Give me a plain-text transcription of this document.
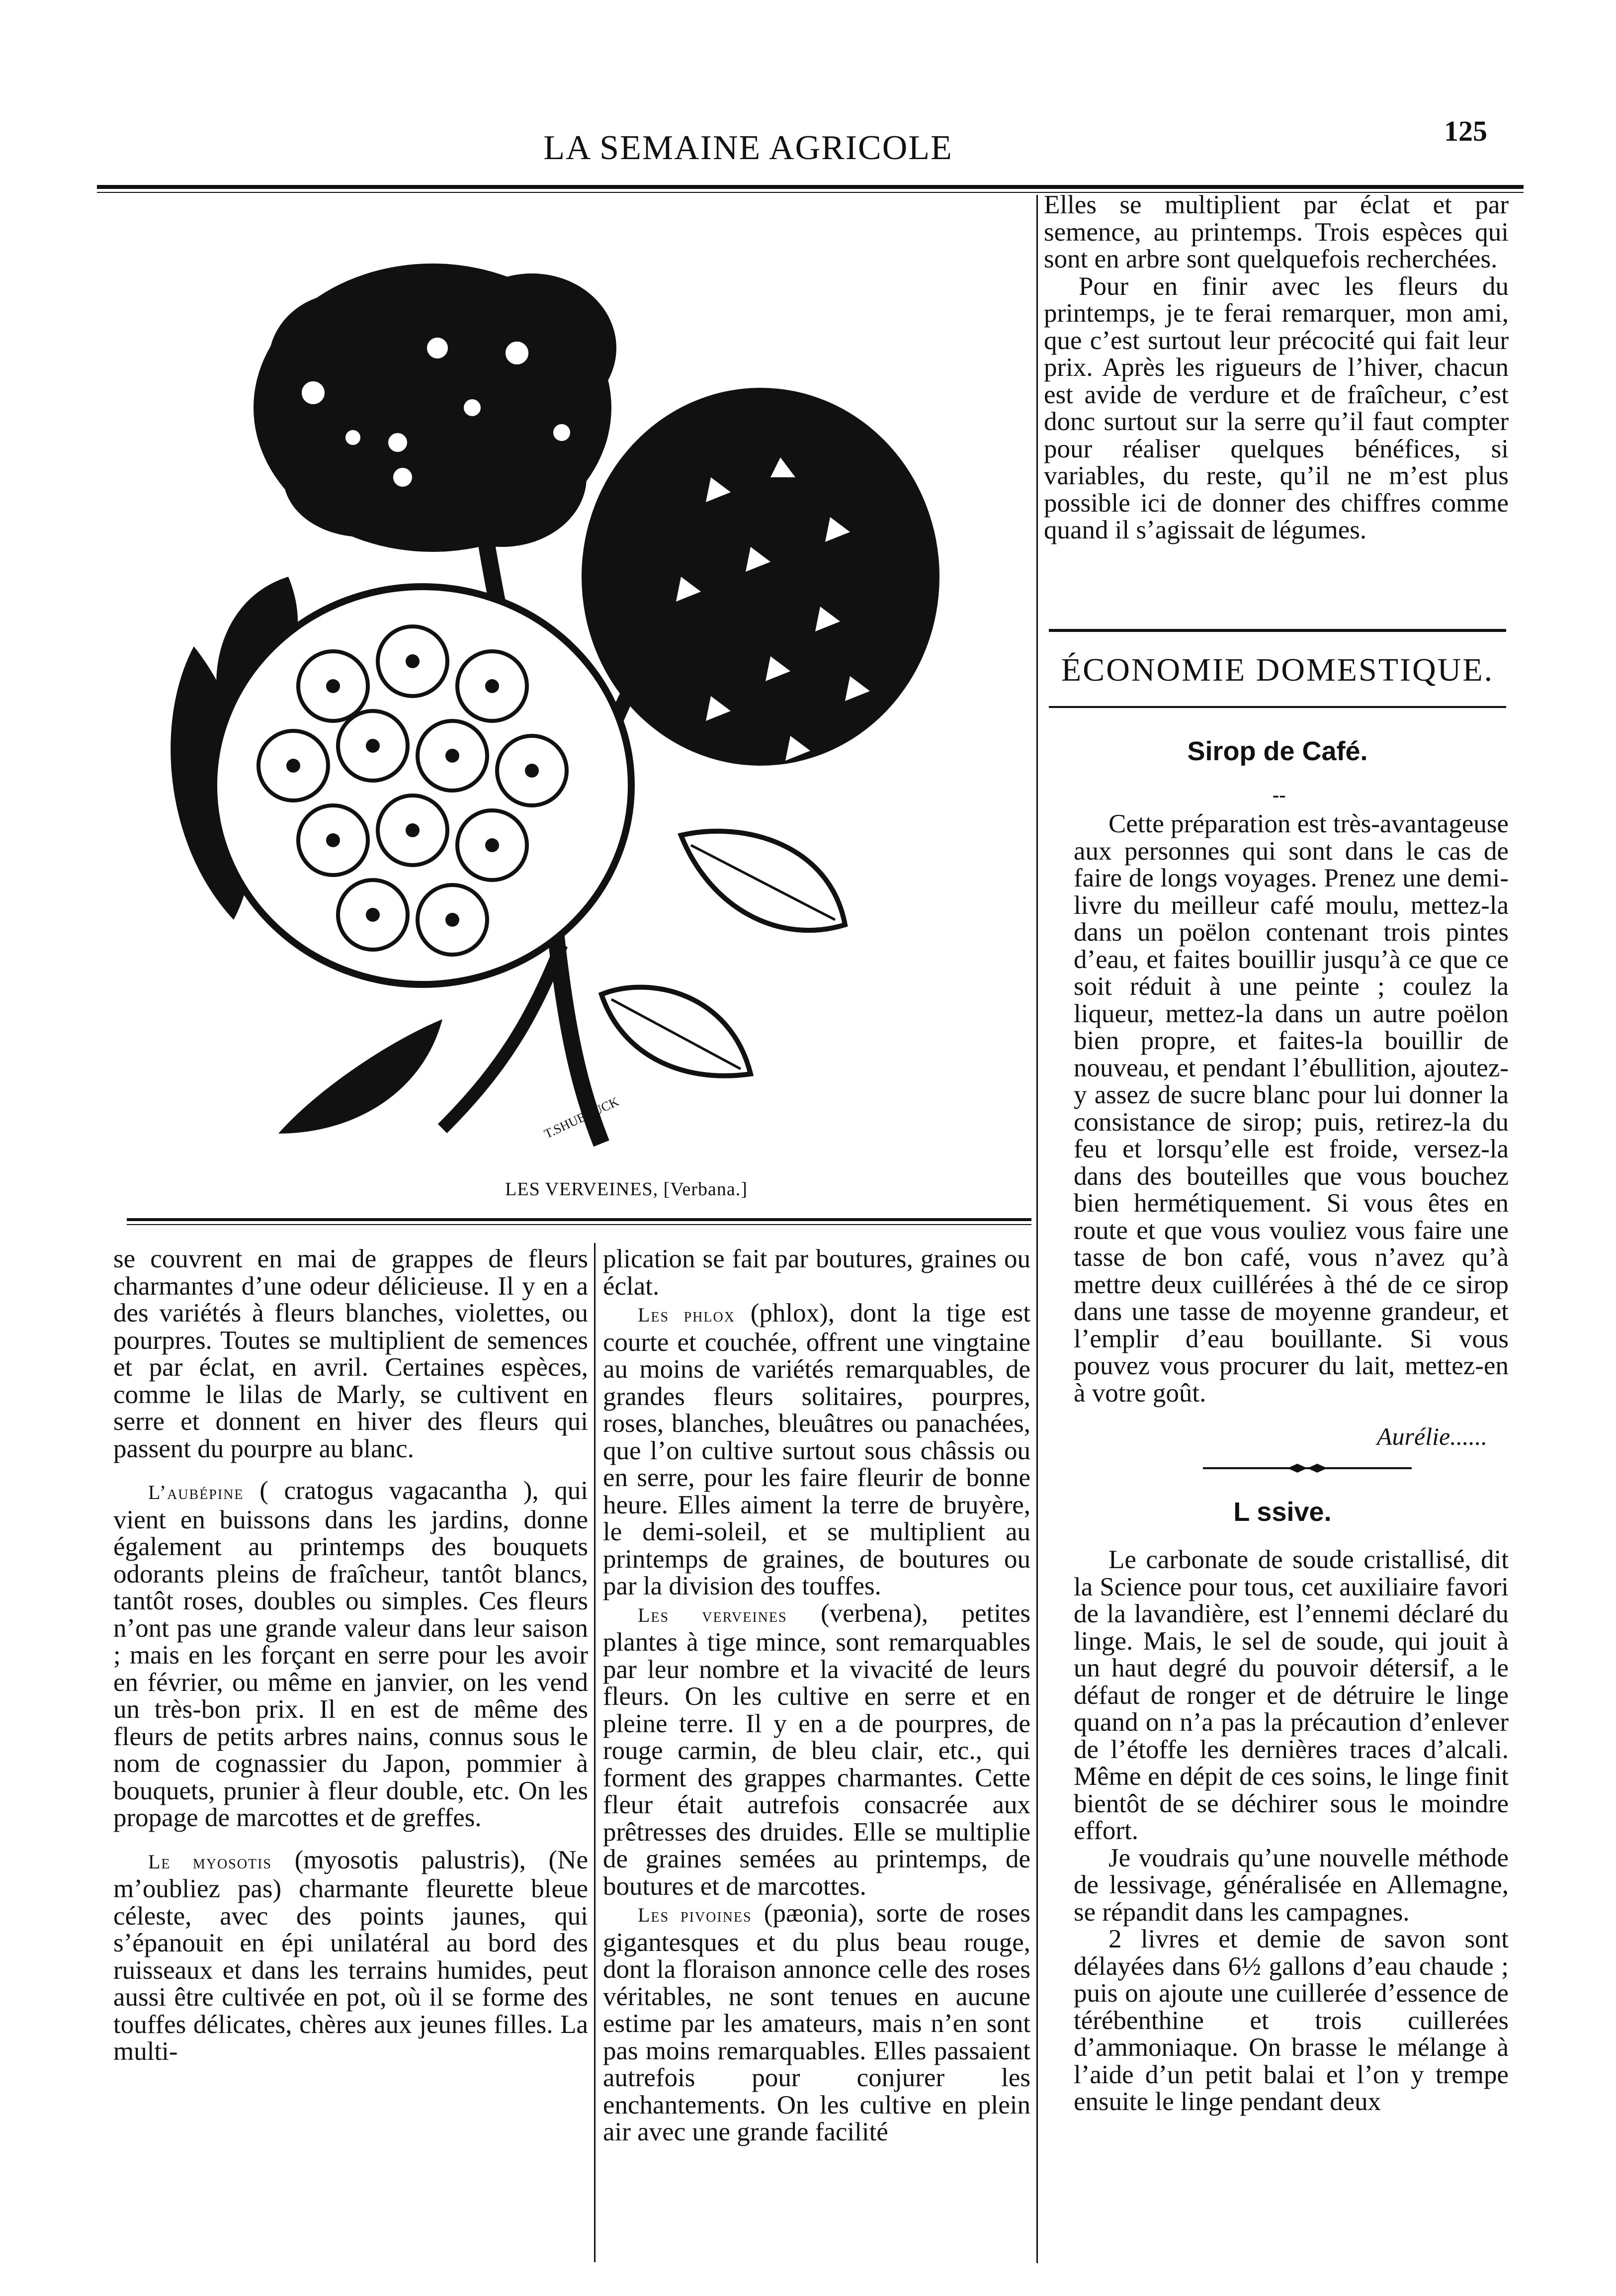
LA SEMAINE AGRICOLE	125
T.SHUBRUCK
LES VERVEINES, [Verbana.]

se couvrent en mai de grappes de fleurs charmantes d’une odeur délicieuse. Il y en a des variétés à fleurs blanches, violettes, ou pourpres. Toutes se multiplient de semences et par éclat, en avril. Certaines espèces, comme le lilas de Marly, se cultivent en serre et donnent en hiver des fleurs qui passent du pourpre au blanc.

L’aubépine ( cratogus vagacantha ), qui vient en buissons dans les jardins, donne également au printemps des bouquets odorants pleins de fraîcheur, tantôt blancs, tantôt roses, doubles ou simples. Ces fleurs n’ont pas une grande valeur dans leur saison ; mais en les forçant en serre pour les avoir en février, ou même en janvier, on les vend un très-bon prix. Il en est de même des fleurs de petits arbres nains, connus sous le nom de cognassier du Japon, pommier à bouquets, prunier à fleur double, etc. On les propage de marcottes et de greffes.

Le myosotis (myosotis palustris), (Ne m’oubliez pas) charmante fleurette bleue céleste, avec des points jaunes, qui s’épanouit en épi unilatéral au bord des ruisseaux et dans les terrains humides, peut aussi être cultivée en pot, où il se forme des touffes délicates, chères aux jeunes filles. La multi-

plication se fait par boutures, graines ou éclat.

Les phlox (phlox), dont la tige est courte et couchée, offrent une vingtaine au moins de variétés remarquables, de grandes fleurs solitaires, pourpres, roses, blanches, bleuâtres ou panachées, que l’on cultive surtout sous châssis ou en serre, pour les faire fleurir de bonne heure. Elles aiment la terre de bruyère, le demi-soleil, et se multiplient au printemps de graines, de boutures ou par la division des touffes.

Les verveines (verbena), petites plantes à tige mince, sont remarquables par leur nombre et la vivacité de leurs fleurs. On les cultive en serre et en pleine terre. Il y en a de pourpres, de rouge carmin, de bleu clair, etc., qui forment des grappes charmantes. Cette fleur était autrefois consacrée aux prêtresses des druides. Elle se multiplie de graines semées au printemps, de boutures et de marcottes.

Les pivoines (pæonia), sorte de roses gigantesques et du plus beau rouge, dont la floraison annonce celle des roses véritables, ne sont tenues en aucune estime par les amateurs, mais n’en sont pas moins remarquables. Elles passaient autrefois pour conjurer les enchantements. On les cultive en plein air avec une grande facilité

Elles se multiplient par éclat et par semence, au printemps. Trois espèces qui sont en arbre sont quelquefois recherchées.

Pour en finir avec les fleurs du printemps, je te ferai remarquer, mon ami, que c’est surtout leur précocité qui fait leur prix. Après les rigueurs de l’hiver, chacun est avide de verdure et de fraîcheur, c’est donc surtout sur la serre qu’il faut compter pour réaliser quelques bénéfices, si variables, du reste, qu’il ne m’est plus possible ici de donner des chiffres comme quand il s’agissait de légumes.

ÉCONOMIE DOMESTIQUE.
Sirop de Café.
--

Cette préparation est très-avantageuse aux personnes qui sont dans le cas de faire de longs voyages. Prenez une demi-livre du meilleur café moulu, mettez-la dans un poëlon contenant trois pintes d’eau, et faites bouillir jusqu’à ce que ce soit réduit à une peinte ; coulez la liqueur, mettez-la dans un autre poëlon bien propre, et faites-la bouillir de nouveau, et pendant l’ébullition, ajoutez-y assez de sucre blanc pour lui donner la consistance de sirop; puis, retirez-la du feu et lorsqu’elle est froide, versez-la dans des bouteilles que vous bouchez bien hermétiquement. Si vous êtes en route et que vous vouliez vous faire une tasse de bon café, vous n’avez qu’à mettre deux cuillérées à thé de ce sirop dans une tasse de moyenne grandeur, et l’emplir d’eau bouillante. Si vous pouvez vous procurer du lait, mettez-en à votre goût.

Aurélie......
L ssive.

Le carbonate de soude cristallisé, dit la Science pour tous, cet auxiliaire favori de la lavandière, est l’ennemi déclaré du linge. Mais, le sel de soude, qui jouit à un haut degré du pouvoir détersif, a le défaut de ronger et de détruire le linge quand on n’a pas la précaution d’enlever de l’étoffe les dernières traces d’alcali. Même en dépit de ces soins, le linge finit bientôt de se déchirer sous le moindre effort.

Je voudrais qu’une nouvelle méthode de lessivage, généralisée en Allemagne, se répandit dans les campagnes.

2 livres et demie de savon sont délayées dans 6½ gallons d’eau chaude ; puis on ajoute une cuillerée d’essence de térébenthine et trois cuillerées d’ammoniaque. On brasse le mélange à l’aide d’un petit balai et l’on y trempe ensuite le linge pendant deux
